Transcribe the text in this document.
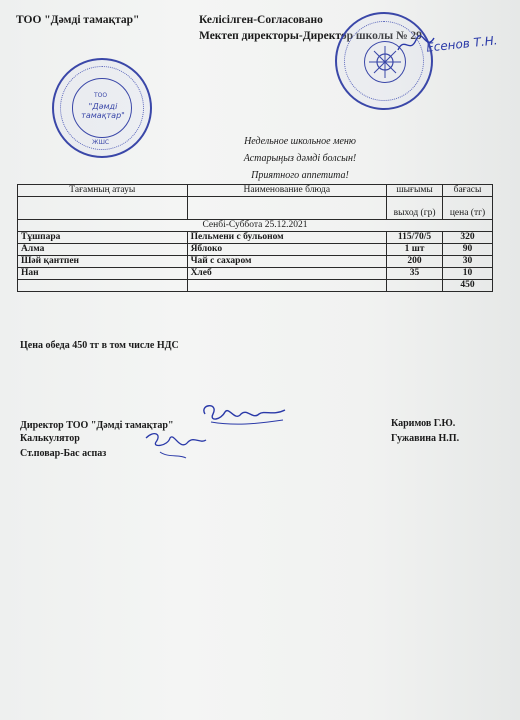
ТОО "Дәмді тамақтар"	Келісілген-Согласовано
Мектеп директоры-Директор школы № 29 Есенов Т.Н.
ТОО
"Дәмді тамақтар"
ЖШС	Недельное школьное меню
Астарыңыз дәмді болсын!
Приятного аппетита!
Тағамның атауы	Наименование блюда	шығымы	бағасы
		выход (гр)	цена (тг)
Сенбі-Суббота 25.12.2021			
Тұшпара	Пельмени с бульоном	115/70/5	320
Алма	Яблоко	1 шт	90
Шәй қантпен	Чай с сахаром	200	30
Нан	Хлеб	35	10
			450
Цена обеда 450 тг в том числе НДС
Директор ТОО "Дәмді тамақтар"	Каримов Г.Ю.
Калькулятор	Гужавина Н.П.
Ст.повар-Бас аспаз
